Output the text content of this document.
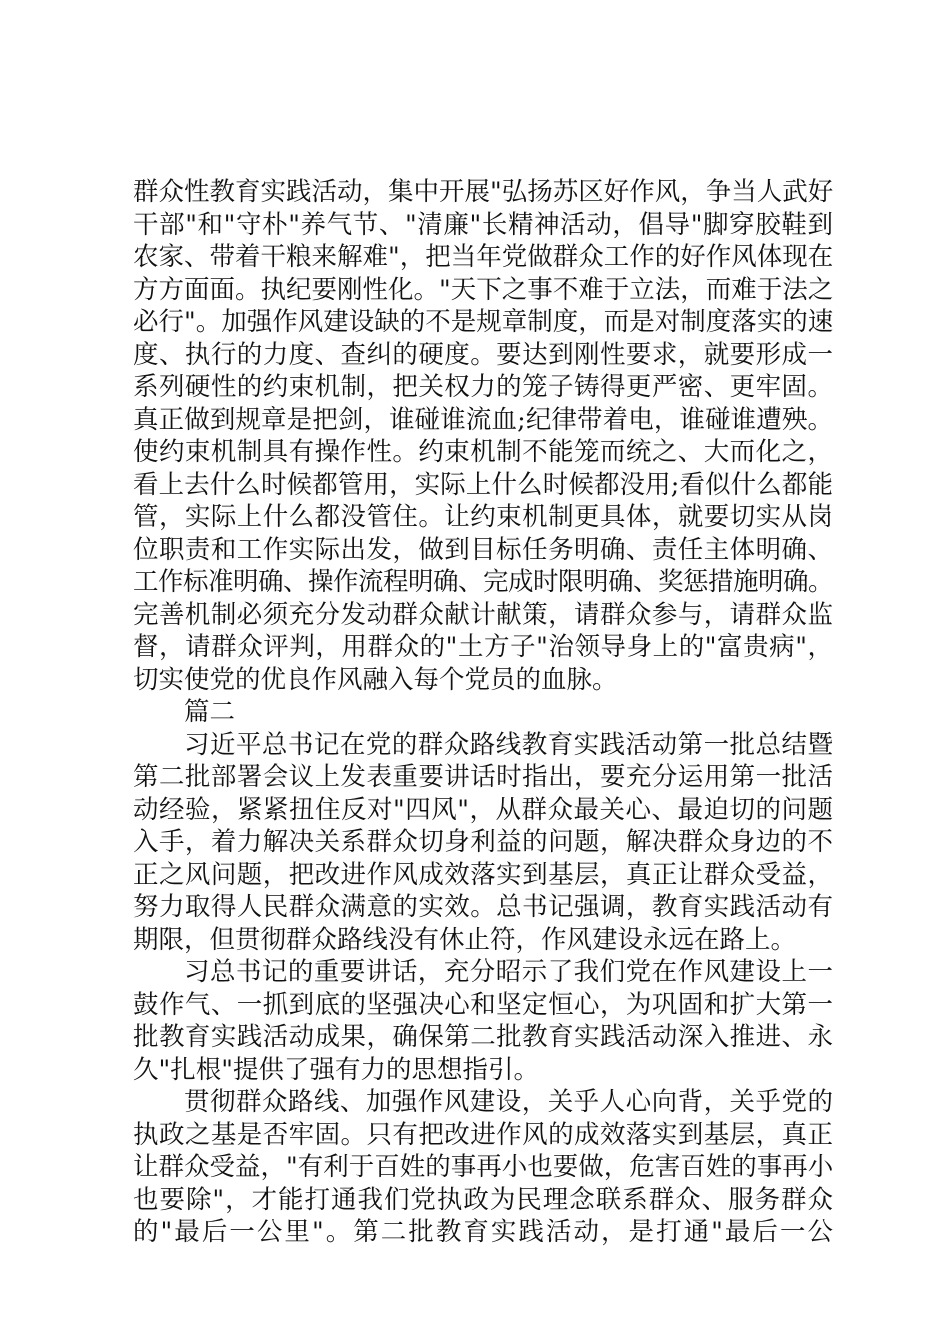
群众性教育实践活动，集中开展"弘扬苏区好作风，争当人武好
干部"和"守朴"养气节、"清廉"长精神活动，倡导"脚穿胶鞋到
农家、带着干粮来解难"，把当年党做群众工作的好作风体现在
方方面面。执纪要刚性化。"天下之事不难于立法，而难于法之
必行"。加强作风建设缺的不是规章制度，而是对制度落实的速
度、执行的力度、查纠的硬度。要达到刚性要求，就要形成一
系列硬性的约束机制，把关权力的笼子铸得更严密、更牢固。
真正做到规章是把剑，谁碰谁流血;纪律带着电，谁碰谁遭殃。
使约束机制具有操作性。约束机制不能笼而统之、大而化之，
看上去什么时候都管用，实际上什么时候都没用;看似什么都能
管，实际上什么都没管住。让约束机制更具体，就要切实从岗
位职责和工作实际出发，做到目标任务明确、责任主体明确、
工作标准明确、操作流程明确、完成时限明确、奖惩措施明确。
完善机制必须充分发动群众献计献策，请群众参与，请群众监
督，请群众评判，用群众的"土方子"治领导身上的"富贵病"，
切实使党的优良作风融入每个党员的血脉。
篇二
习近平总书记在党的群众路线教育实践活动第一批总结暨
第二批部署会议上发表重要讲话时指出，要充分运用第一批活
动经验，紧紧扭住反对"四风"，从群众最关心、最迫切的问题
入手，着力解决关系群众切身利益的问题，解决群众身边的不
正之风问题，把改进作风成效落实到基层，真正让群众受益，
努力取得人民群众满意的实效。总书记强调，教育实践活动有
期限，但贯彻群众路线没有休止符，作风建设永远在路上。
习总书记的重要讲话，充分昭示了我们党在作风建设上一
鼓作气、一抓到底的坚强决心和坚定恒心，为巩固和扩大第一
批教育实践活动成果，确保第二批教育实践活动深入推进、永
久"扎根"提供了强有力的思想指引。
贯彻群众路线、加强作风建设，关乎人心向背，关乎党的
执政之基是否牢固。只有把改进作风的成效落实到基层，真正
让群众受益，"有利于百姓的事再小也要做，危害百姓的事再小
也要除"，才能打通我们党执政为民理念联系群众、服务群众
的"最后一公里"。第二批教育实践活动，是打通"最后一公
